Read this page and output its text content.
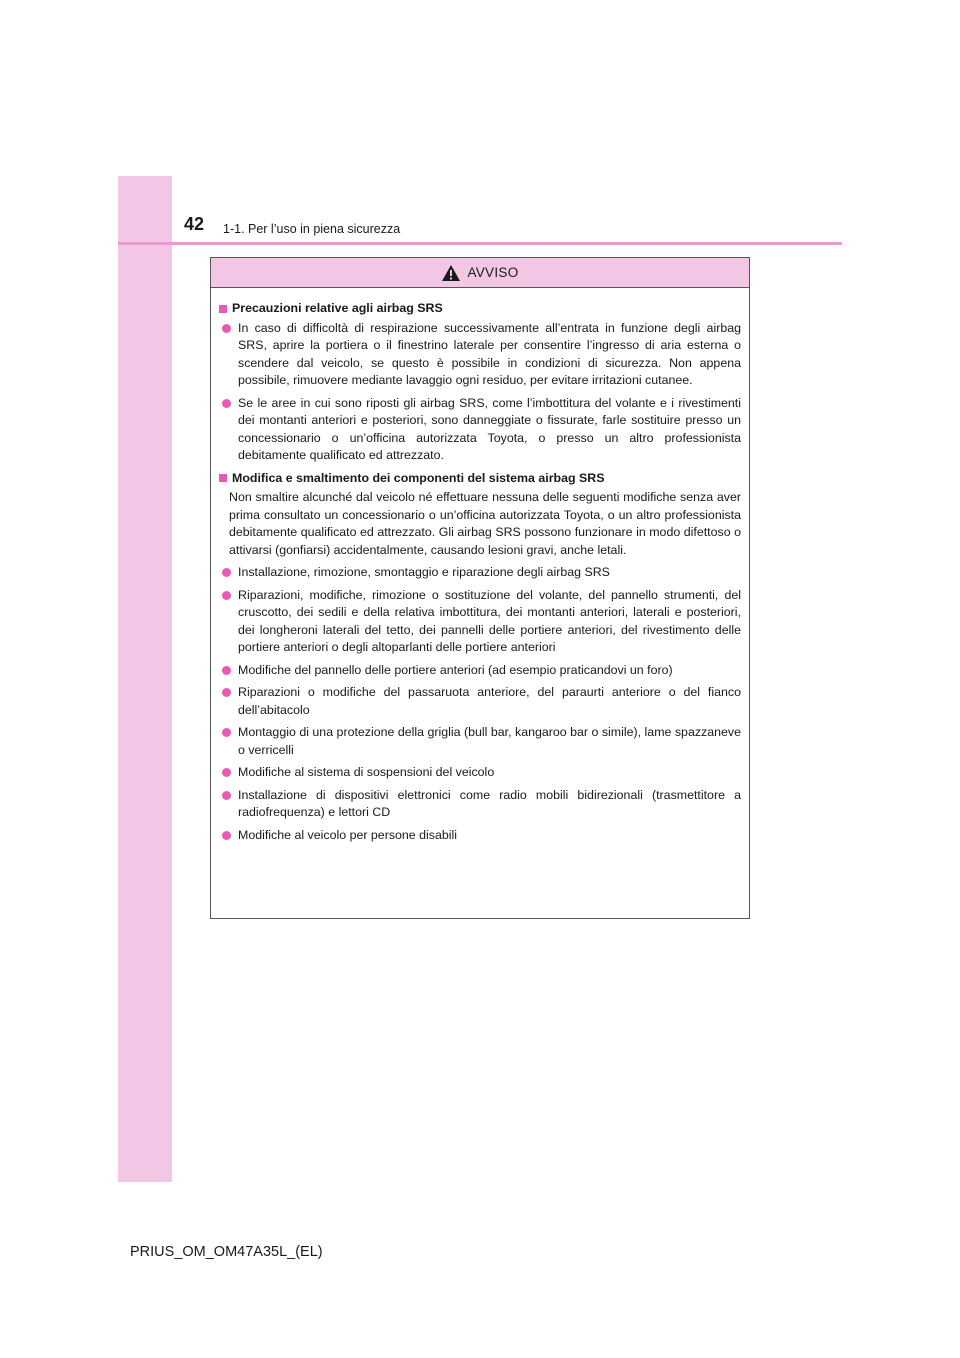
42 1-1. Per l’uso in piena sicurezza
AVVISO
Precauzioni relative agli airbag SRS
In caso di difficoltà di respirazione successivamente all’entrata in funzione degli airbag SRS, aprire la portiera o il finestrino laterale per consentire l’ingresso di aria esterna o scendere dal veicolo, se questo è possibile in condizioni di sicurezza. Non appena possibile, rimuovere mediante lavaggio ogni residuo, per evitare irritazioni cutanee.
Se le aree in cui sono riposti gli airbag SRS, come l’imbottitura del volante e i rivestimenti dei montanti anteriori e posteriori, sono danneggiate o fissurate, farle sostituire presso un concessionario o un’officina autorizzata Toyota, o presso un altro professionista debitamente qualificato ed attrezzato.
Modifica e smaltimento dei componenti del sistema airbag SRS
Non smaltire alcunché dal veicolo né effettuare nessuna delle seguenti modifiche senza aver prima consultato un concessionario o un’officina autorizzata Toyota, o un altro professionista debitamente qualificato ed attrezzato. Gli airbag SRS possono funzionare in modo difettoso o attivarsi (gonfiarsi) accidentalmente, causando lesioni gravi, anche letali.
Installazione, rimozione, smontaggio e riparazione degli airbag SRS
Riparazioni, modifiche, rimozione o sostituzione del volante, del pannello strumenti, del cruscotto, dei sedili e della relativa imbottitura, dei montanti anteriori, laterali e posteriori, dei longheroni laterali del tetto, dei pannelli delle portiere anteriori, del rivestimento delle portiere anteriori o degli altoparlanti delle portiere anteriori
Modifiche del pannello delle portiere anteriori (ad esempio praticandovi un foro)
Riparazioni o modifiche del passaruota anteriore, del paraurti anteriore o del fianco dell’abitacolo
Montaggio di una protezione della griglia (bull bar, kangaroo bar o simile), lame spazzaneve o verricelli
Modifiche al sistema di sospensioni del veicolo
Installazione di dispositivi elettronici come radio mobili bidirezionali (trasmettitore a radiofrequenza) e lettori CD
Modifiche al veicolo per persone disabili
PRIUS_OM_OM47A35L_(EL)
